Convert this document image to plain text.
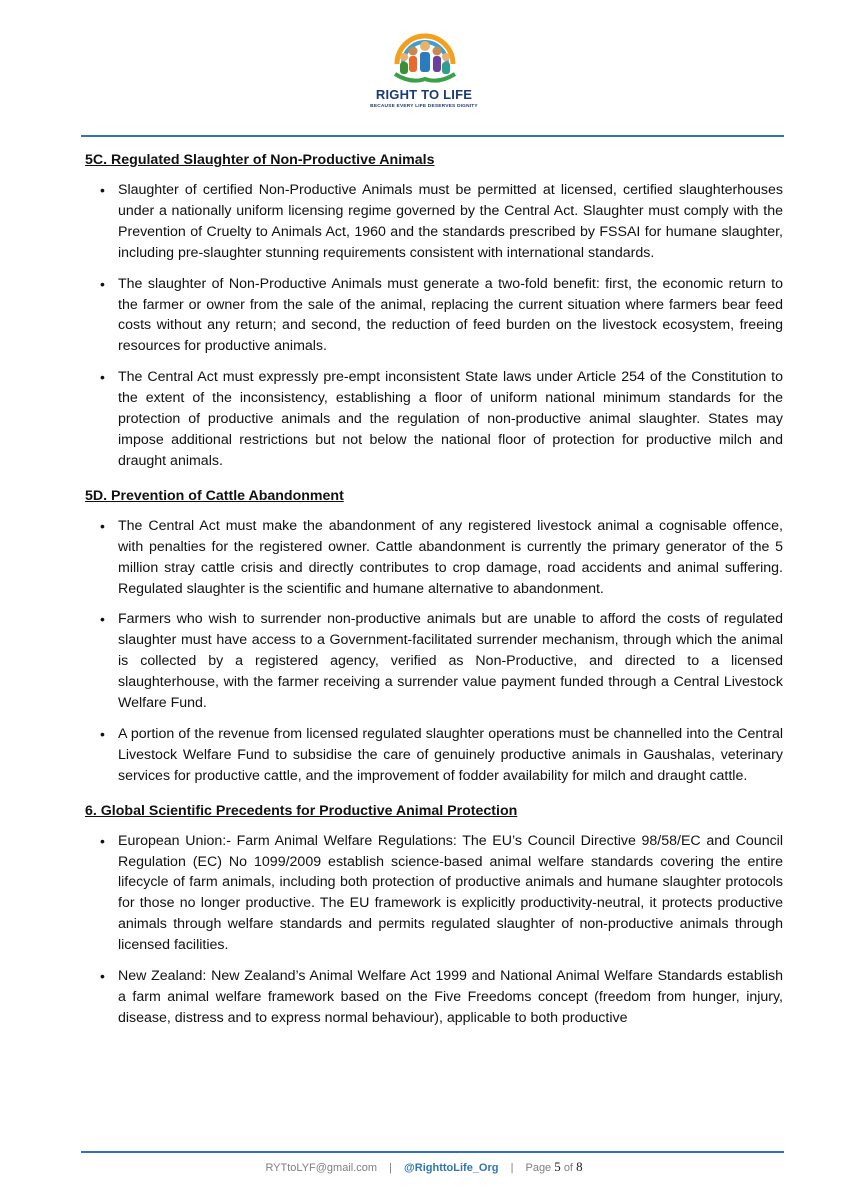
RIGHT TO LIFE
BECAUSE EVERY LIFE DESERVES DIGNITY
5C. Regulated Slaughter of Non-Productive Animals
• Slaughter of certified Non-Productive Animals must be permitted at licensed, certified slaughterhouses under a nationally uniform licensing regime governed by the Central Act. Slaughter must comply with the Prevention of Cruelty to Animals Act, 1960 and the standards prescribed by FSSAI for humane slaughter, including pre-slaughter stunning requirements consistent with international standards.
• The slaughter of Non-Productive Animals must generate a two-fold benefit: first, the economic return to the farmer or owner from the sale of the animal, replacing the current situation where farmers bear feed costs without any return; and second, the reduction of feed burden on the livestock ecosystem, freeing resources for productive animals.
• The Central Act must expressly pre-empt inconsistent State laws under Article 254 of the Constitution to the extent of the inconsistency, establishing a floor of uniform national minimum standards for the protection of productive animals and the regulation of non-productive animal slaughter. States may impose additional restrictions but not below the national floor of protection for productive milch and draught animals.
5D. Prevention of Cattle Abandonment
• The Central Act must make the abandonment of any registered livestock animal a cognisable offence, with penalties for the registered owner. Cattle abandonment is currently the primary generator of the 5 million stray cattle crisis and directly contributes to crop damage, road accidents and animal suffering. Regulated slaughter is the scientific and humane alternative to abandonment.
• Farmers who wish to surrender non-productive animals but are unable to afford the costs of regulated slaughter must have access to a Government-facilitated surrender mechanism, through which the animal is collected by a registered agency, verified as Non-Productive, and directed to a licensed slaughterhouse, with the farmer receiving a surrender value payment funded through a Central Livestock Welfare Fund.
• A portion of the revenue from licensed regulated slaughter operations must be channelled into the Central Livestock Welfare Fund to subsidise the care of genuinely productive animals in Gaushalas, veterinary services for productive cattle, and the improvement of fodder availability for milch and draught cattle.
6. Global Scientific Precedents for Productive Animal Protection
• European Union:- Farm Animal Welfare Regulations: The EU’s Council Directive 98/58/EC and Council Regulation (EC) No 1099/2009 establish science-based animal welfare standards covering the entire lifecycle of farm animals, including both protection of productive animals and humane slaughter protocols for those no longer productive. The EU framework is explicitly productivity-neutral, it protects productive animals through welfare standards and permits regulated slaughter of non-productive animals through licensed facilities.
• New Zealand: New Zealand’s Animal Welfare Act 1999 and National Animal Welfare Standards establish a farm animal welfare framework based on the Five Freedoms concept (freedom from hunger, injury, disease, distress and to express normal behaviour), applicable to both productive
RYTtoLYF@gmail.com | @RighttoLife_Org | Page 5 of 8
